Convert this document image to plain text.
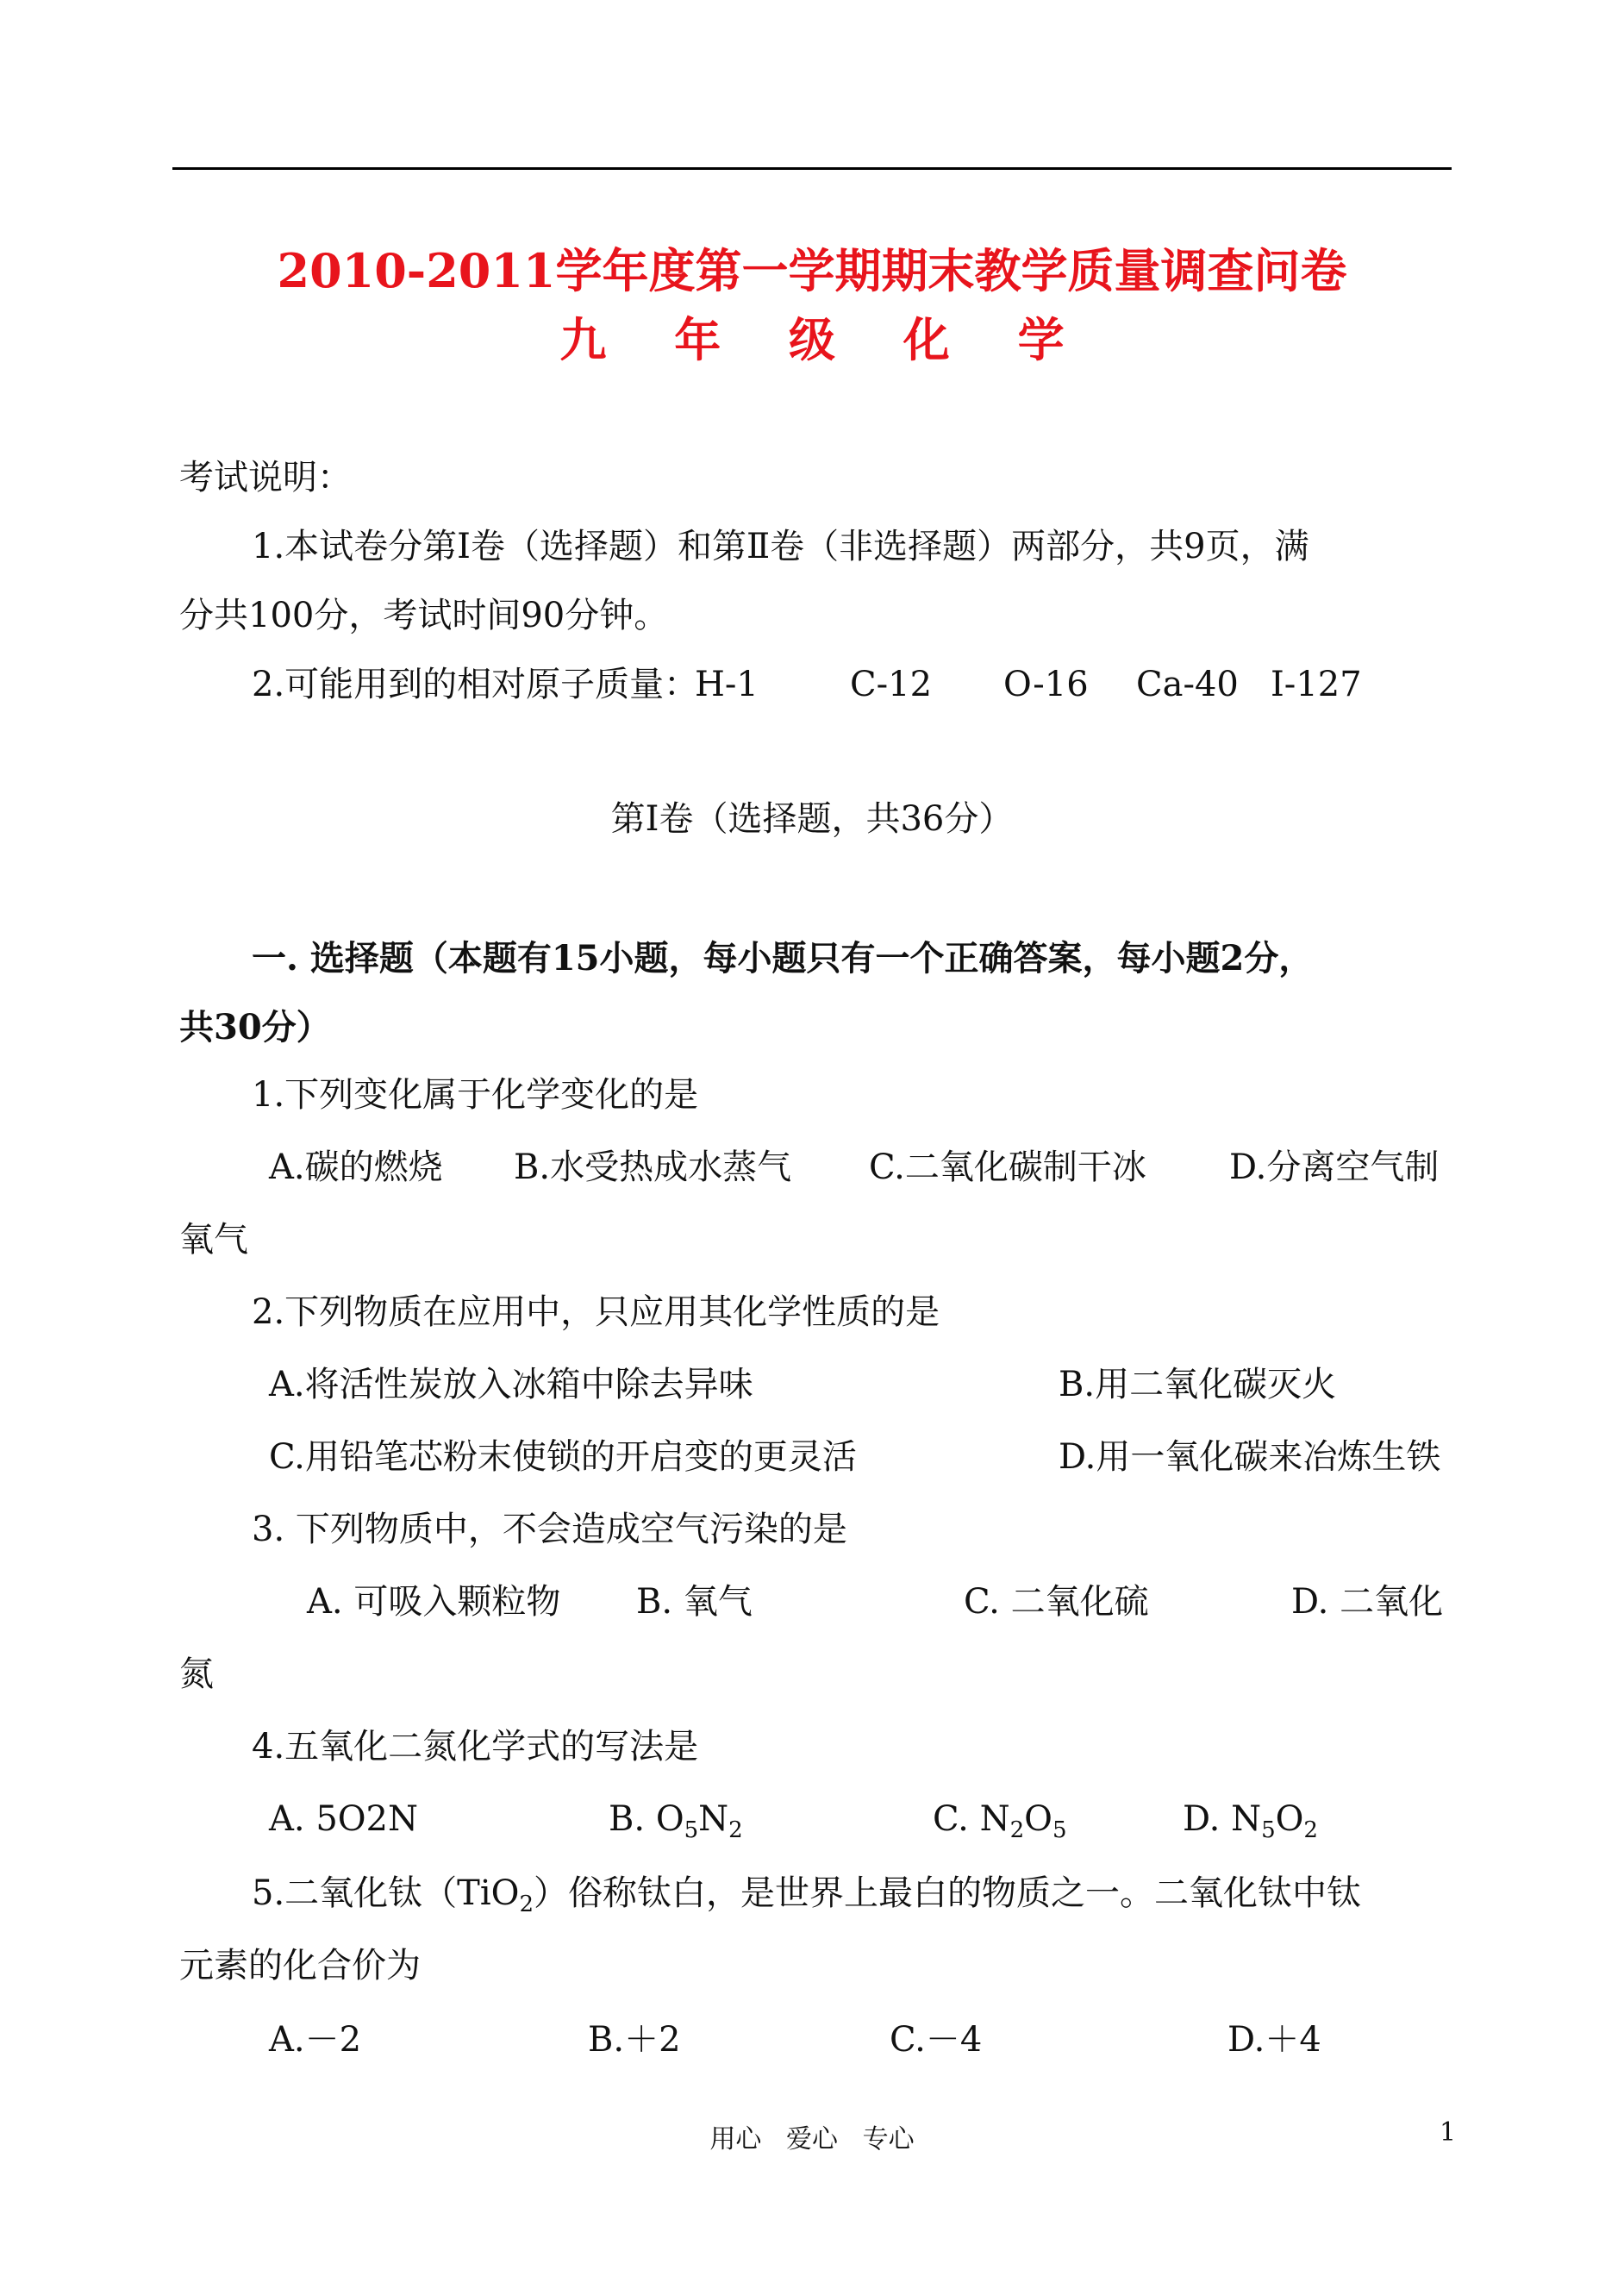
2010-2011学年度第一学期期末教学质量调查问卷
九 年 级 化 学
考试说明：
1.本试卷分第Ⅰ卷（选择题）和第Ⅱ卷（非选择题）两部分，共9页，满
分共100分，考试时间90分钟。
2.可能用到的相对原子质量：
H-1	C-12 O-16 Ca-40 I-127
第Ⅰ卷（选择题，共36分）
一. 选择题（本题有15小题，每小题只有一个正确答案，每小题2分，
共30分）
1.下列变化属于化学变化的是
A.碳的燃烧 B.水受热成水蒸气 C.二氧化碳制干冰 D.分离空气制
氧气
2.下列物质在应用中，只应用其化学性质的是
A.将活性炭放入冰箱中除去异味	B.用二氧化碳灭火
C.用铅笔芯粉末使锁的开启变的更灵活	D.用一氧化碳来冶炼生铁
3. 下列物质中，不会造成空气污染的是
A. 可吸入颗粒物 B. 氧气	C. 二氧化硫	D. 二氧化
氮
4.五氧化二氮化学式的写法是
A. 5O2N	B. $O_5N_2$	C. $N_2O_5$	D. $N_5O_2$
5.二氧化钛（TiO$_2$）俗称钛白，是世界上最白的物质之一。二氧化钛中钛
元素的化合价为
A.－2	B.＋2	C.－4	D.＋4
用心   爱心   专心	1
